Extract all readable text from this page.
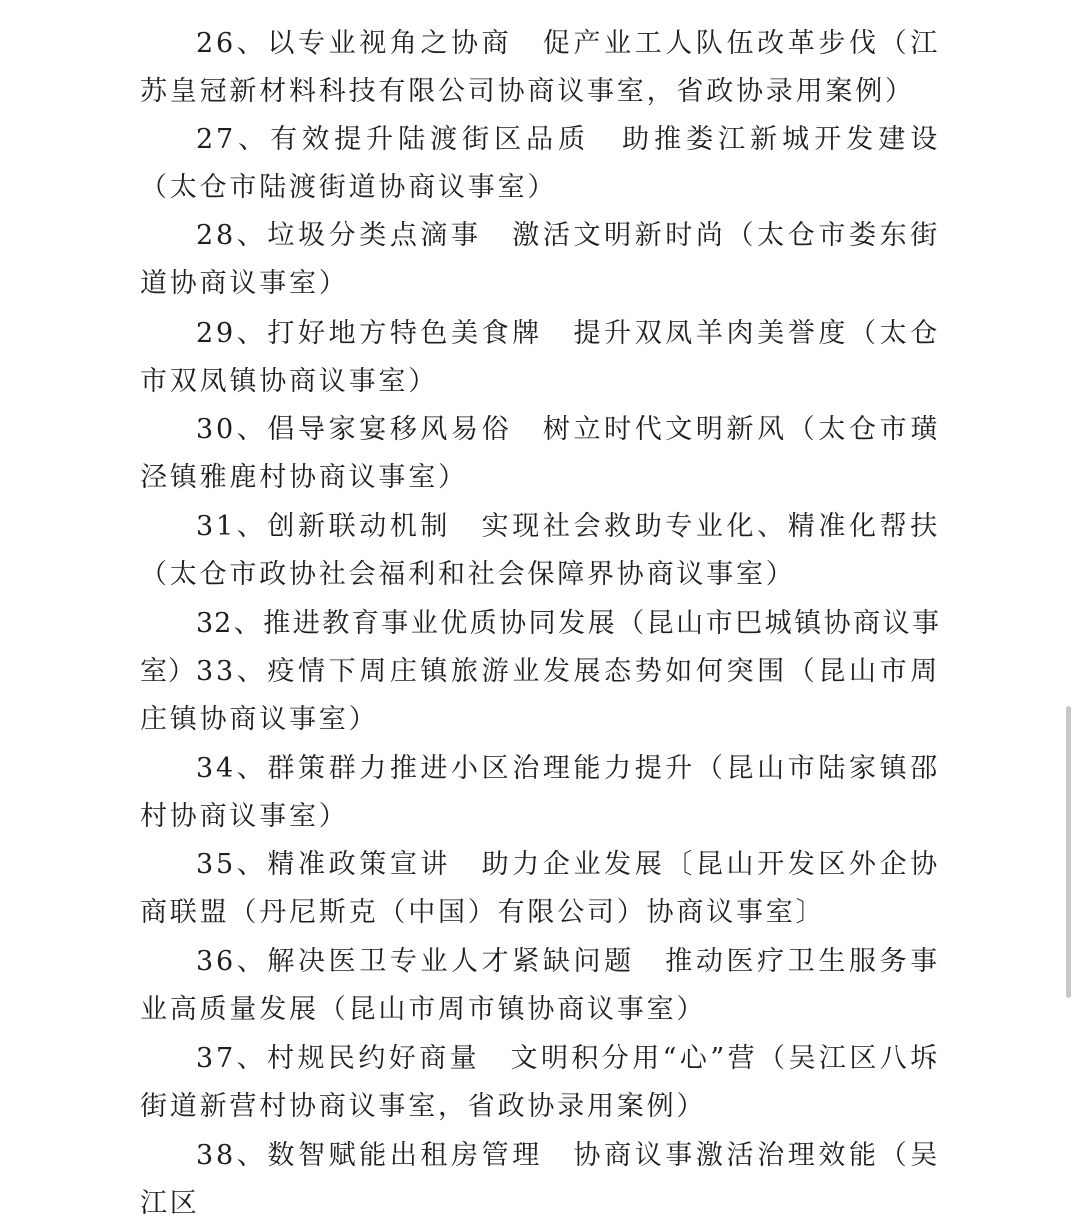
26、以专业视角之协商　促产业工人队伍改革步伐（江苏皇冠新材料科技有限公司协商议事室，省政协录用案例）

27、有效提升陆渡街区品质　助推娄江新城开发建设（太仓市陆渡街道协商议事室）

28、垃圾分类点滴事　激活文明新时尚（太仓市娄东街道协商议事室）

29、打好地方特色美食牌　提升双凤羊肉美誉度（太仓市双凤镇协商议事室）

30、倡导家宴移风易俗　树立时代文明新风（太仓市璜泾镇雅鹿村协商议事室）

31、创新联动机制　实现社会救助专业化、精准化帮扶（太仓市政协社会福利和社会保障界协商议事室）

32、推进教育事业优质协同发展（昆山市巴城镇协商议事室） 33、疫情下周庄镇旅游业发展态势如何突围（昆山市周庄镇协商议事室）

34、群策群力推进小区治理能力提升（昆山市陆家镇邵村协商议事室）

35、精准政策宣讲　助力企业发展〔昆山开发区外企协商联盟（丹尼斯克（中国）有限公司）协商议事室〕

36、解决医卫专业人才紧缺问题　推动医疗卫生服务事业高质量发展（昆山市周市镇协商议事室）

37、村规民约好商量　文明积分用“心”营（吴江区八坼街道新营村协商议事室，省政协录用案例）

38、数智赋能出租房管理　协商议事激活治理效能（吴江区
